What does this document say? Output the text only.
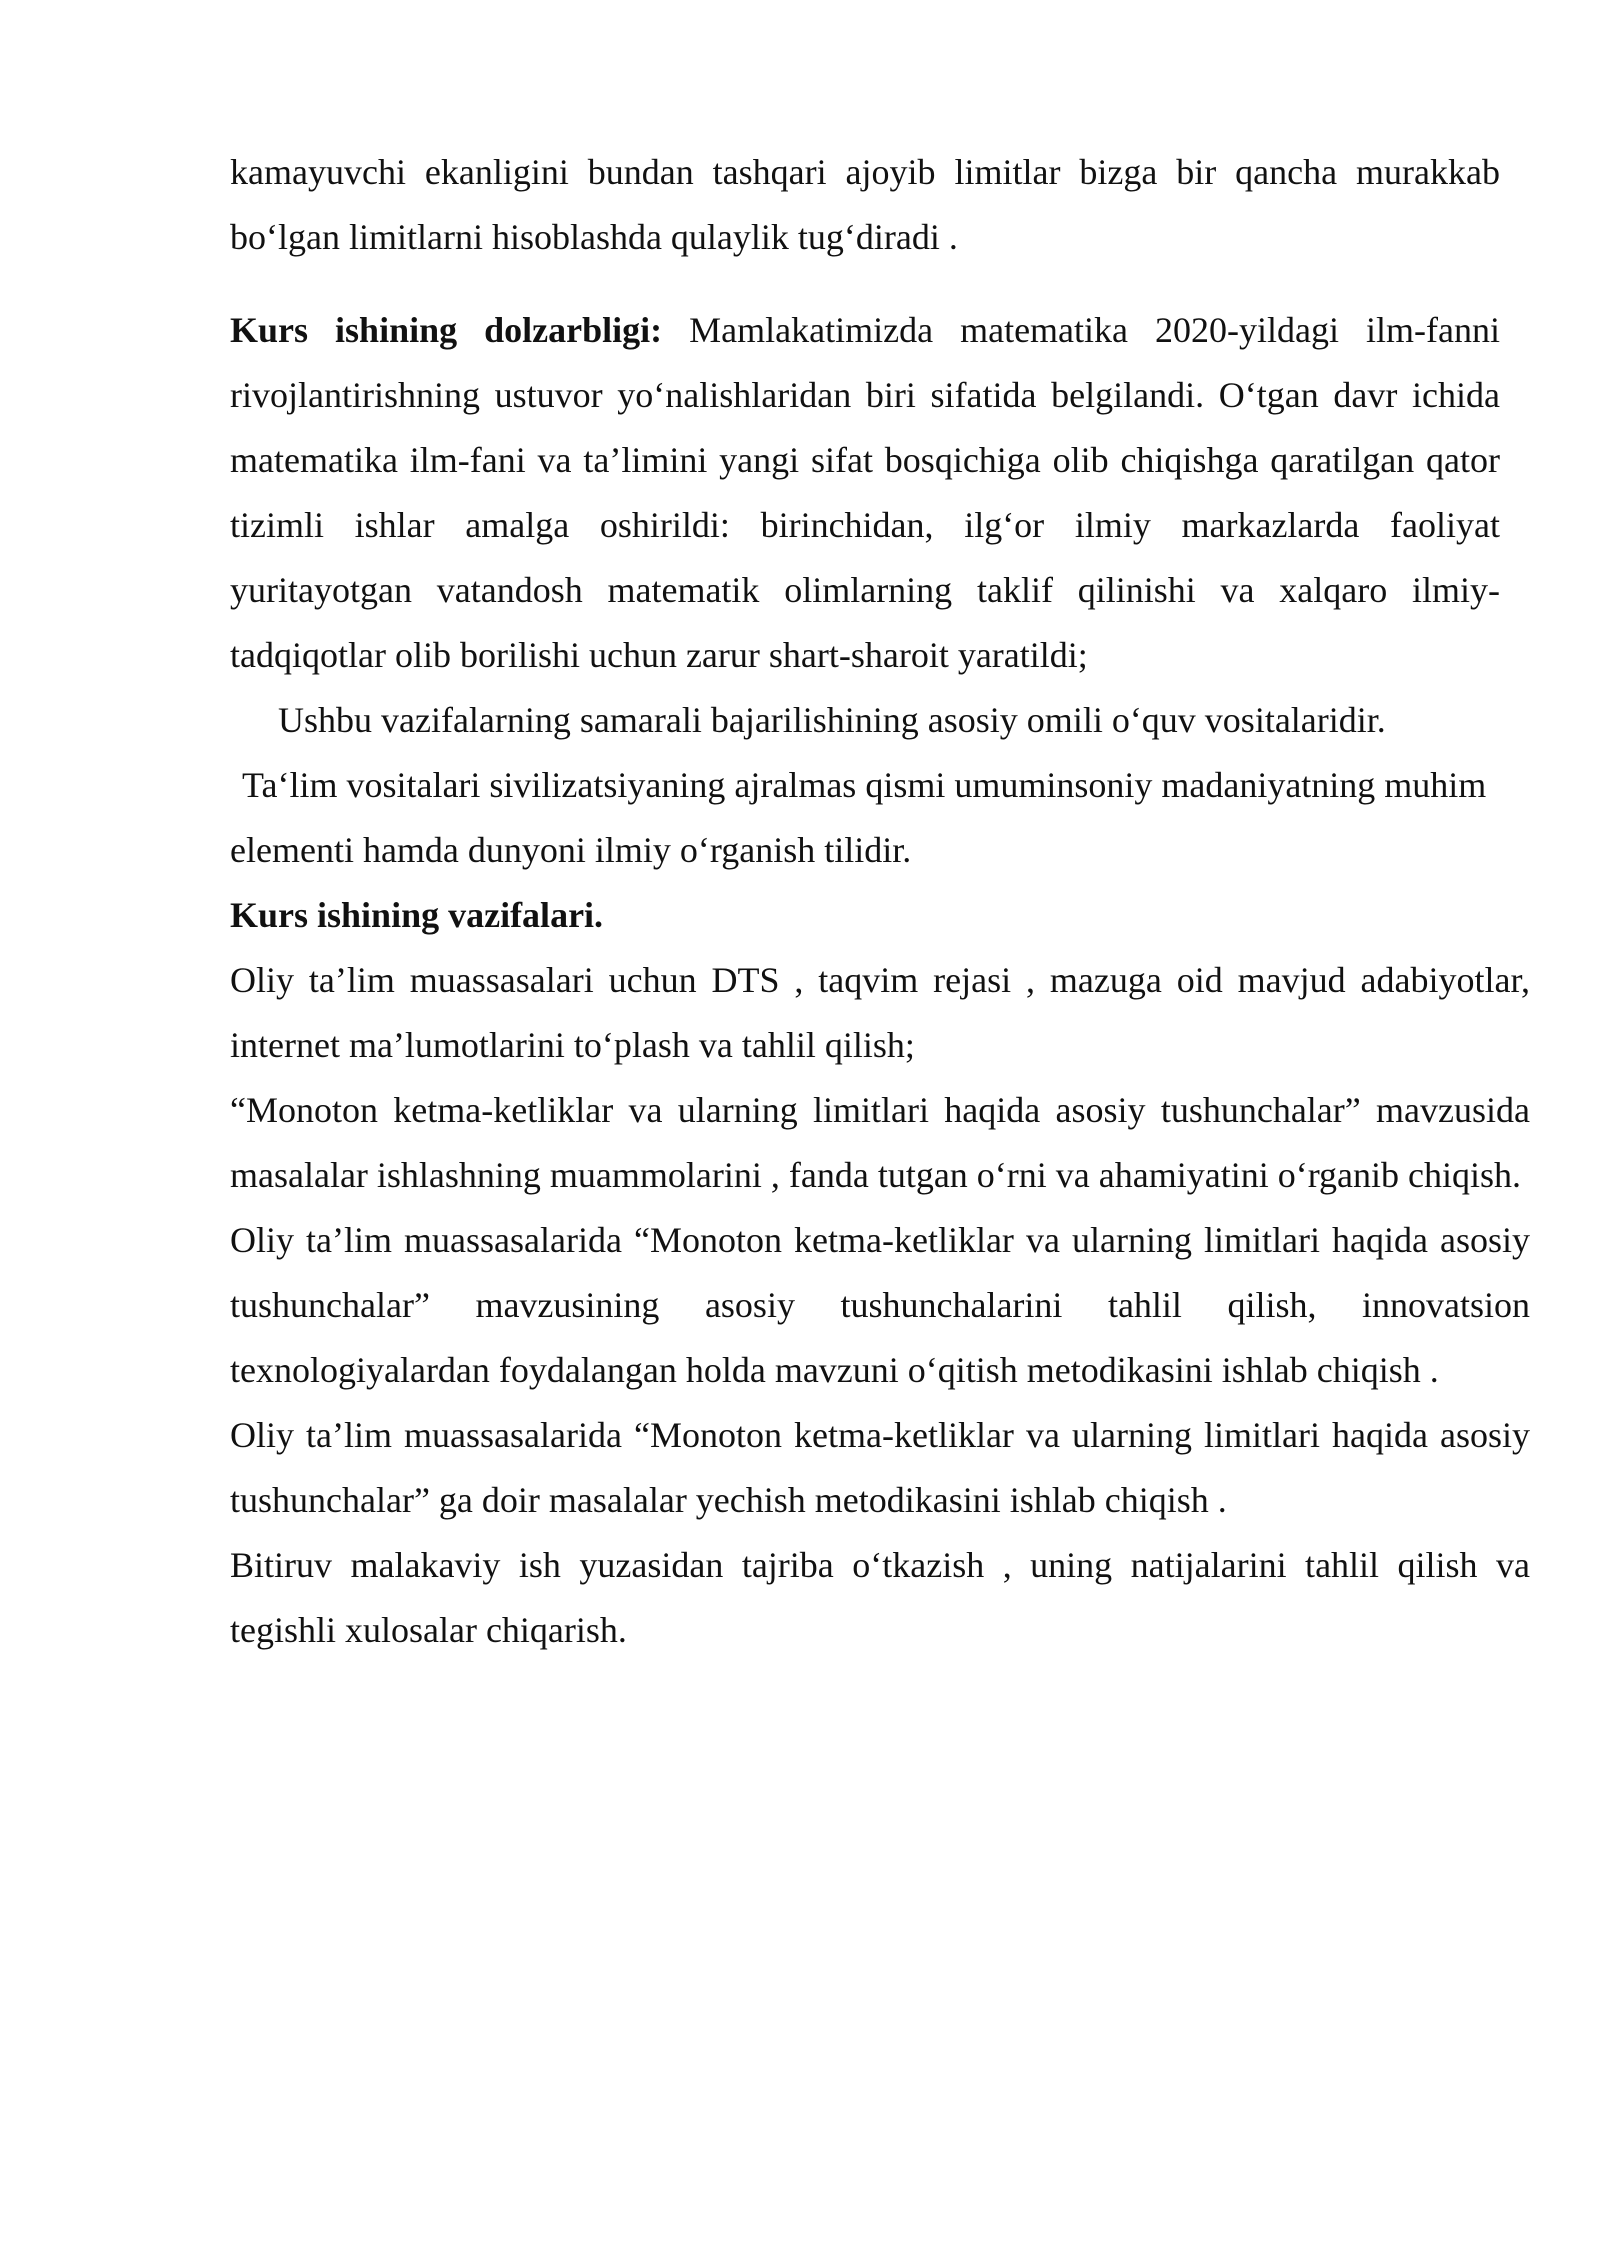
kamayuvchi ekanligini bundan tashqari ajoyib limitlar bizga bir qancha murakkab bo‘lgan limitlarni hisoblashda qulaylik tug‘diradi .

Kurs ishining dolzarbligi: Mamlakatimizda matematika 2020-yildagi ilm-fanni rivojlantirishning ustuvor yo‘nalishlaridan biri sifatida belgilandi. O‘tgan davr ichida matematika ilm-fani va ta’limini yangi sifat bosqichiga olib chiqishga qaratilgan qator tizimli ishlar amalga oshirildi: birinchidan, ilg‘or ilmiy markazlarda faoliyat yuritayotgan vatandosh matematik olimlarning taklif qilinishi va xalqaro ilmiy-tadqiqotlar olib borilishi uchun zarur shart-sharoit yaratildi;

Ushbu vazifalarning samarali bajarilishining asosiy omili o‘quv vositalaridir.

Ta‘lim vositalari sivilizatsiyaning ajralmas qismi umuminsoniy madaniyatning muhim elementi hamda dunyoni ilmiy o‘rganish tilidir.

Kurs ishining vazifalari.

Oliy ta’lim muassasalari uchun DTS , taqvim rejasi , mazuga oid mavjud adabiyotlar, internet ma’lumotlarini to‘plash va tahlil qilish;

“Monoton ketma-ketliklar va ularning limitlari haqida asosiy tushunchalar” mavzusida masalalar ishlashning muammolarini , fanda tutgan o‘rni va ahamiyatini o‘rganib chiqish.

Oliy ta’lim muassasalarida “Monoton ketma-ketliklar va ularning limitlari haqida asosiy tushunchalar” mavzusining asosiy tushunchalarini tahlil qilish, innovatsion texnologiyalardan foydalangan holda mavzuni o‘qitish metodikasini ishlab chiqish .

Oliy ta’lim muassasalarida “Monoton ketma-ketliklar va ularning limitlari haqida asosiy tushunchalar” ga doir masalalar yechish metodikasini ishlab chiqish .

Bitiruv malakaviy ish yuzasidan tajriba o‘tkazish , uning natijalarini tahlil qilish va tegishli xulosalar chiqarish.
